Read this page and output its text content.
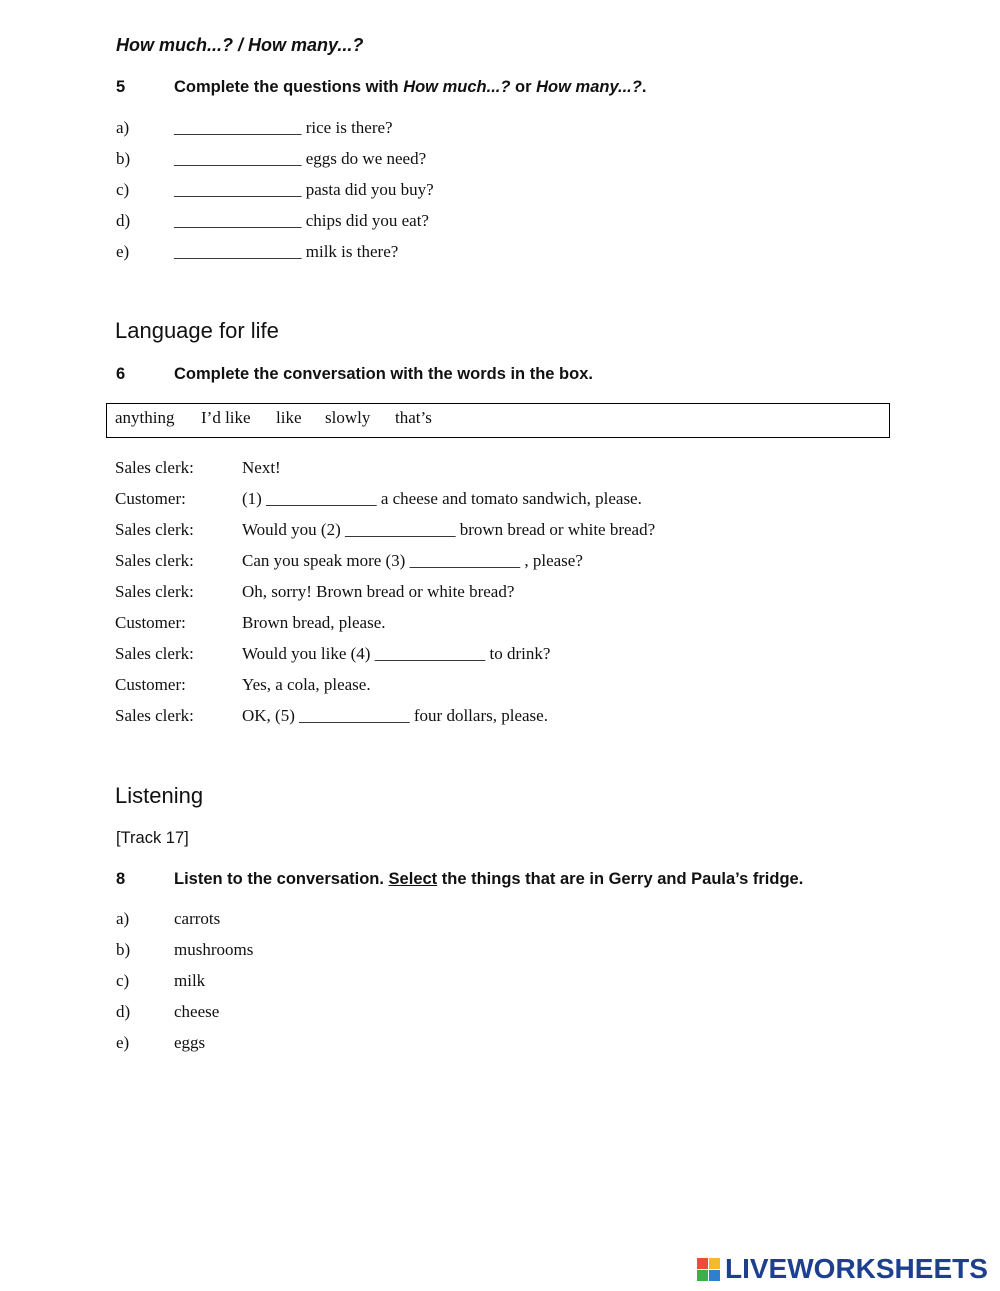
How much...? / How many...?
5	Complete the questions with How much...? or How many...?.
a)	_______________ rice is there?
b)	_______________ eggs do we need?
c)	_______________ pasta did you buy?
d)	_______________ chips did you eat?
e)	_______________ milk is there?
Language for life
6	Complete the conversation with the words in the box.
anything I’d like like slowly that’s
Sales clerk:	Next!
Customer:	(1) _____________ a cheese and tomato sandwich, please.
Sales clerk:	Would you (2) _____________ brown bread or white bread?
Sales clerk:	Can you speak more (3) _____________ , please?
Sales clerk:	Oh, sorry! Brown bread or white bread?
Customer:	Brown bread, please.
Sales clerk:	Would you like (4) _____________ to drink?
Customer:	Yes, a cola, please.
Sales clerk:	OK, (5) _____________ four dollars, please.
Listening
[Track 17]
8	Listen to the conversation. Select the things that are in Gerry and Paula’s fridge.
a)	carrots
b)	mushrooms
c)	milk
d)	cheese
e)	eggs
LIVEWORKSHEETS
